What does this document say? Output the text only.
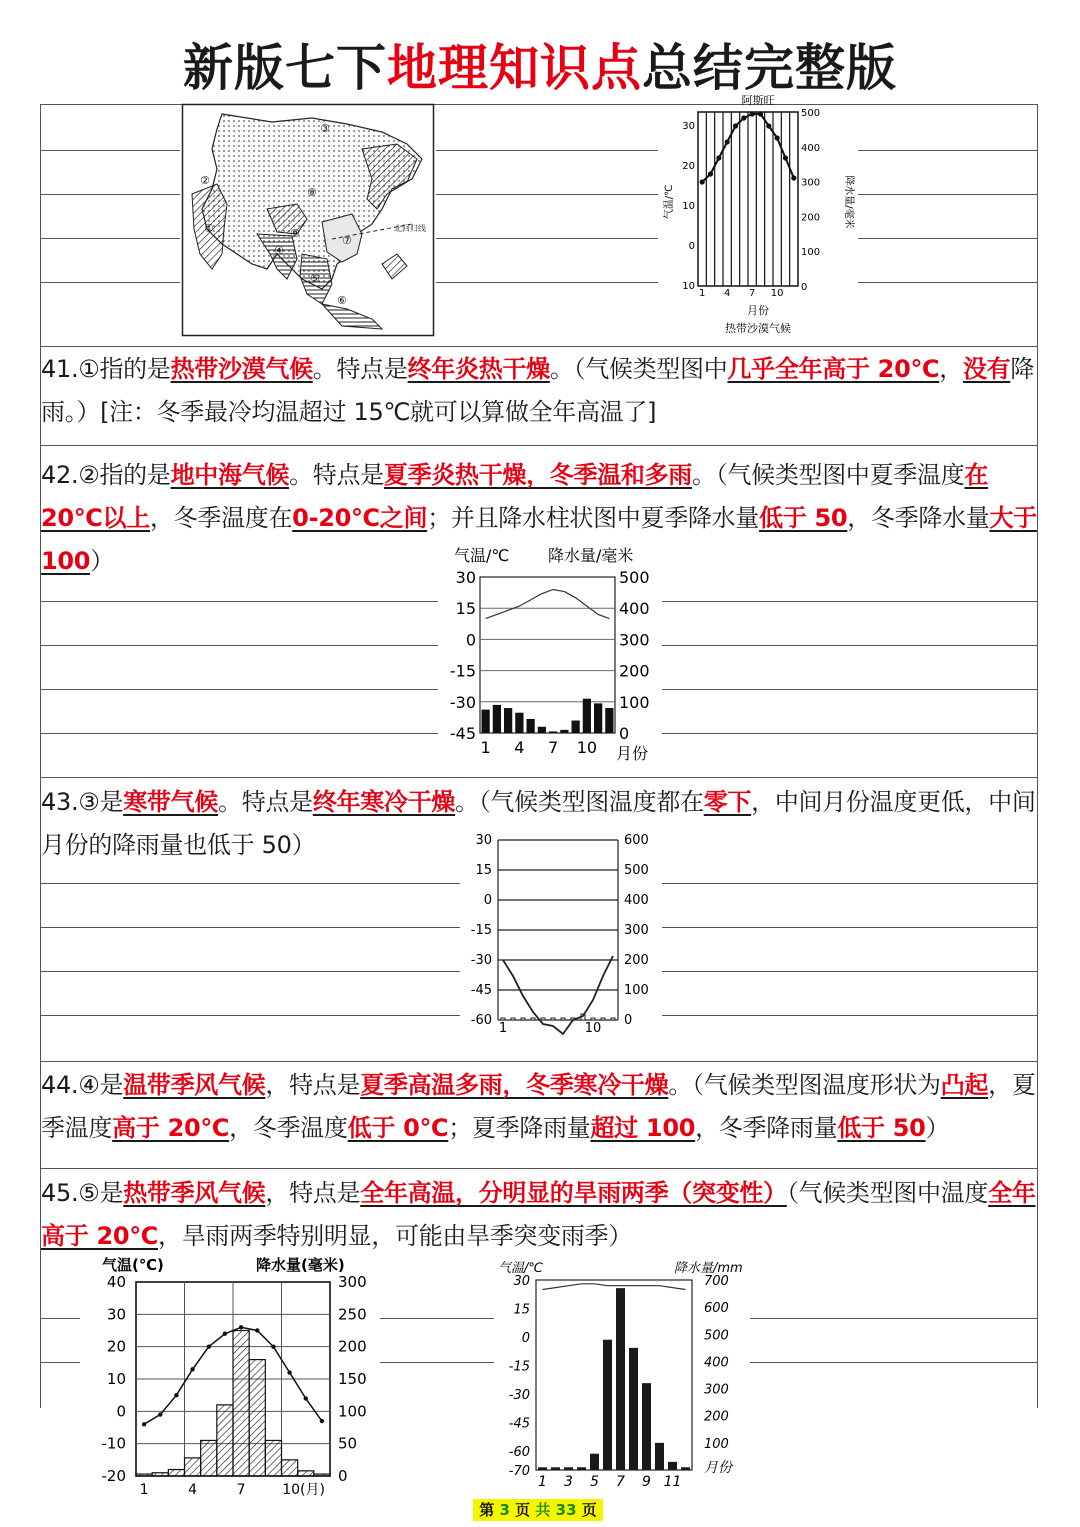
新版七下地理知识点总结完整版
北回归线
①
②
③
④
⑤
⑥
⑦
⑧
⑨
阿斯旺
30
20
10
0
10
500
400
300
200
100
0
1 4 7 10
气温/℃	降水量/毫米
月份
热带沙漠气候
41.①指的是热带沙漠气候。特点是终年炎热干燥。（气候类型图中几乎全年高于 20℃，没有降雨。）[注：冬季最冷均温超过 15℃就可以算做全年高温了]
42.②指的是地中海气候。特点是夏季炎热干燥，冬季温和多雨。（气候类型图中夏季温度在 20℃以上，冬季温度在0-20℃之间；并且降水柱状图中夏季降水量低于 50，冬季降水量大于 100）	气温/℃ 降水量/毫米
30
15
0
-15
-30
-45
500
400
300
200
100
0
1 4 7 10 月份
43.③是寒带气候。特点是终年寒冷干燥。（气候类型图温度都在零下，中间月份温度更低，中间月份的降雨量也低于 50）	30
15
0
-15
-30
-45
-60
600
500
400
300
200
100
0
1	10
44.④是温带季风气候，特点是夏季高温多雨，冬季寒冷干燥。（气候类型图温度形状为凸起，夏季温度高于 20℃，冬季温度低于 0℃；夏季降雨量超过 100，冬季降雨量低于 50）
45.⑤是热带季风气候，特点是全年高温，分明显的旱雨两季（突变性）（气候类型图中温度全年高于 20℃，旱雨两季特别明显，可能由旱季突变雨季）
气温(℃)	降水量(毫米)
40
30
20
10
0
-10
-20
300
250
200
150
100
50
0
1	4	7	10(月)
气温/℃	降水量/mm
30
15
0
-15
-30
-45
-60
-70
700
600
500
400
300
200
100
1 3 5 7 9 11
月份
第 3 页 共 33 页
